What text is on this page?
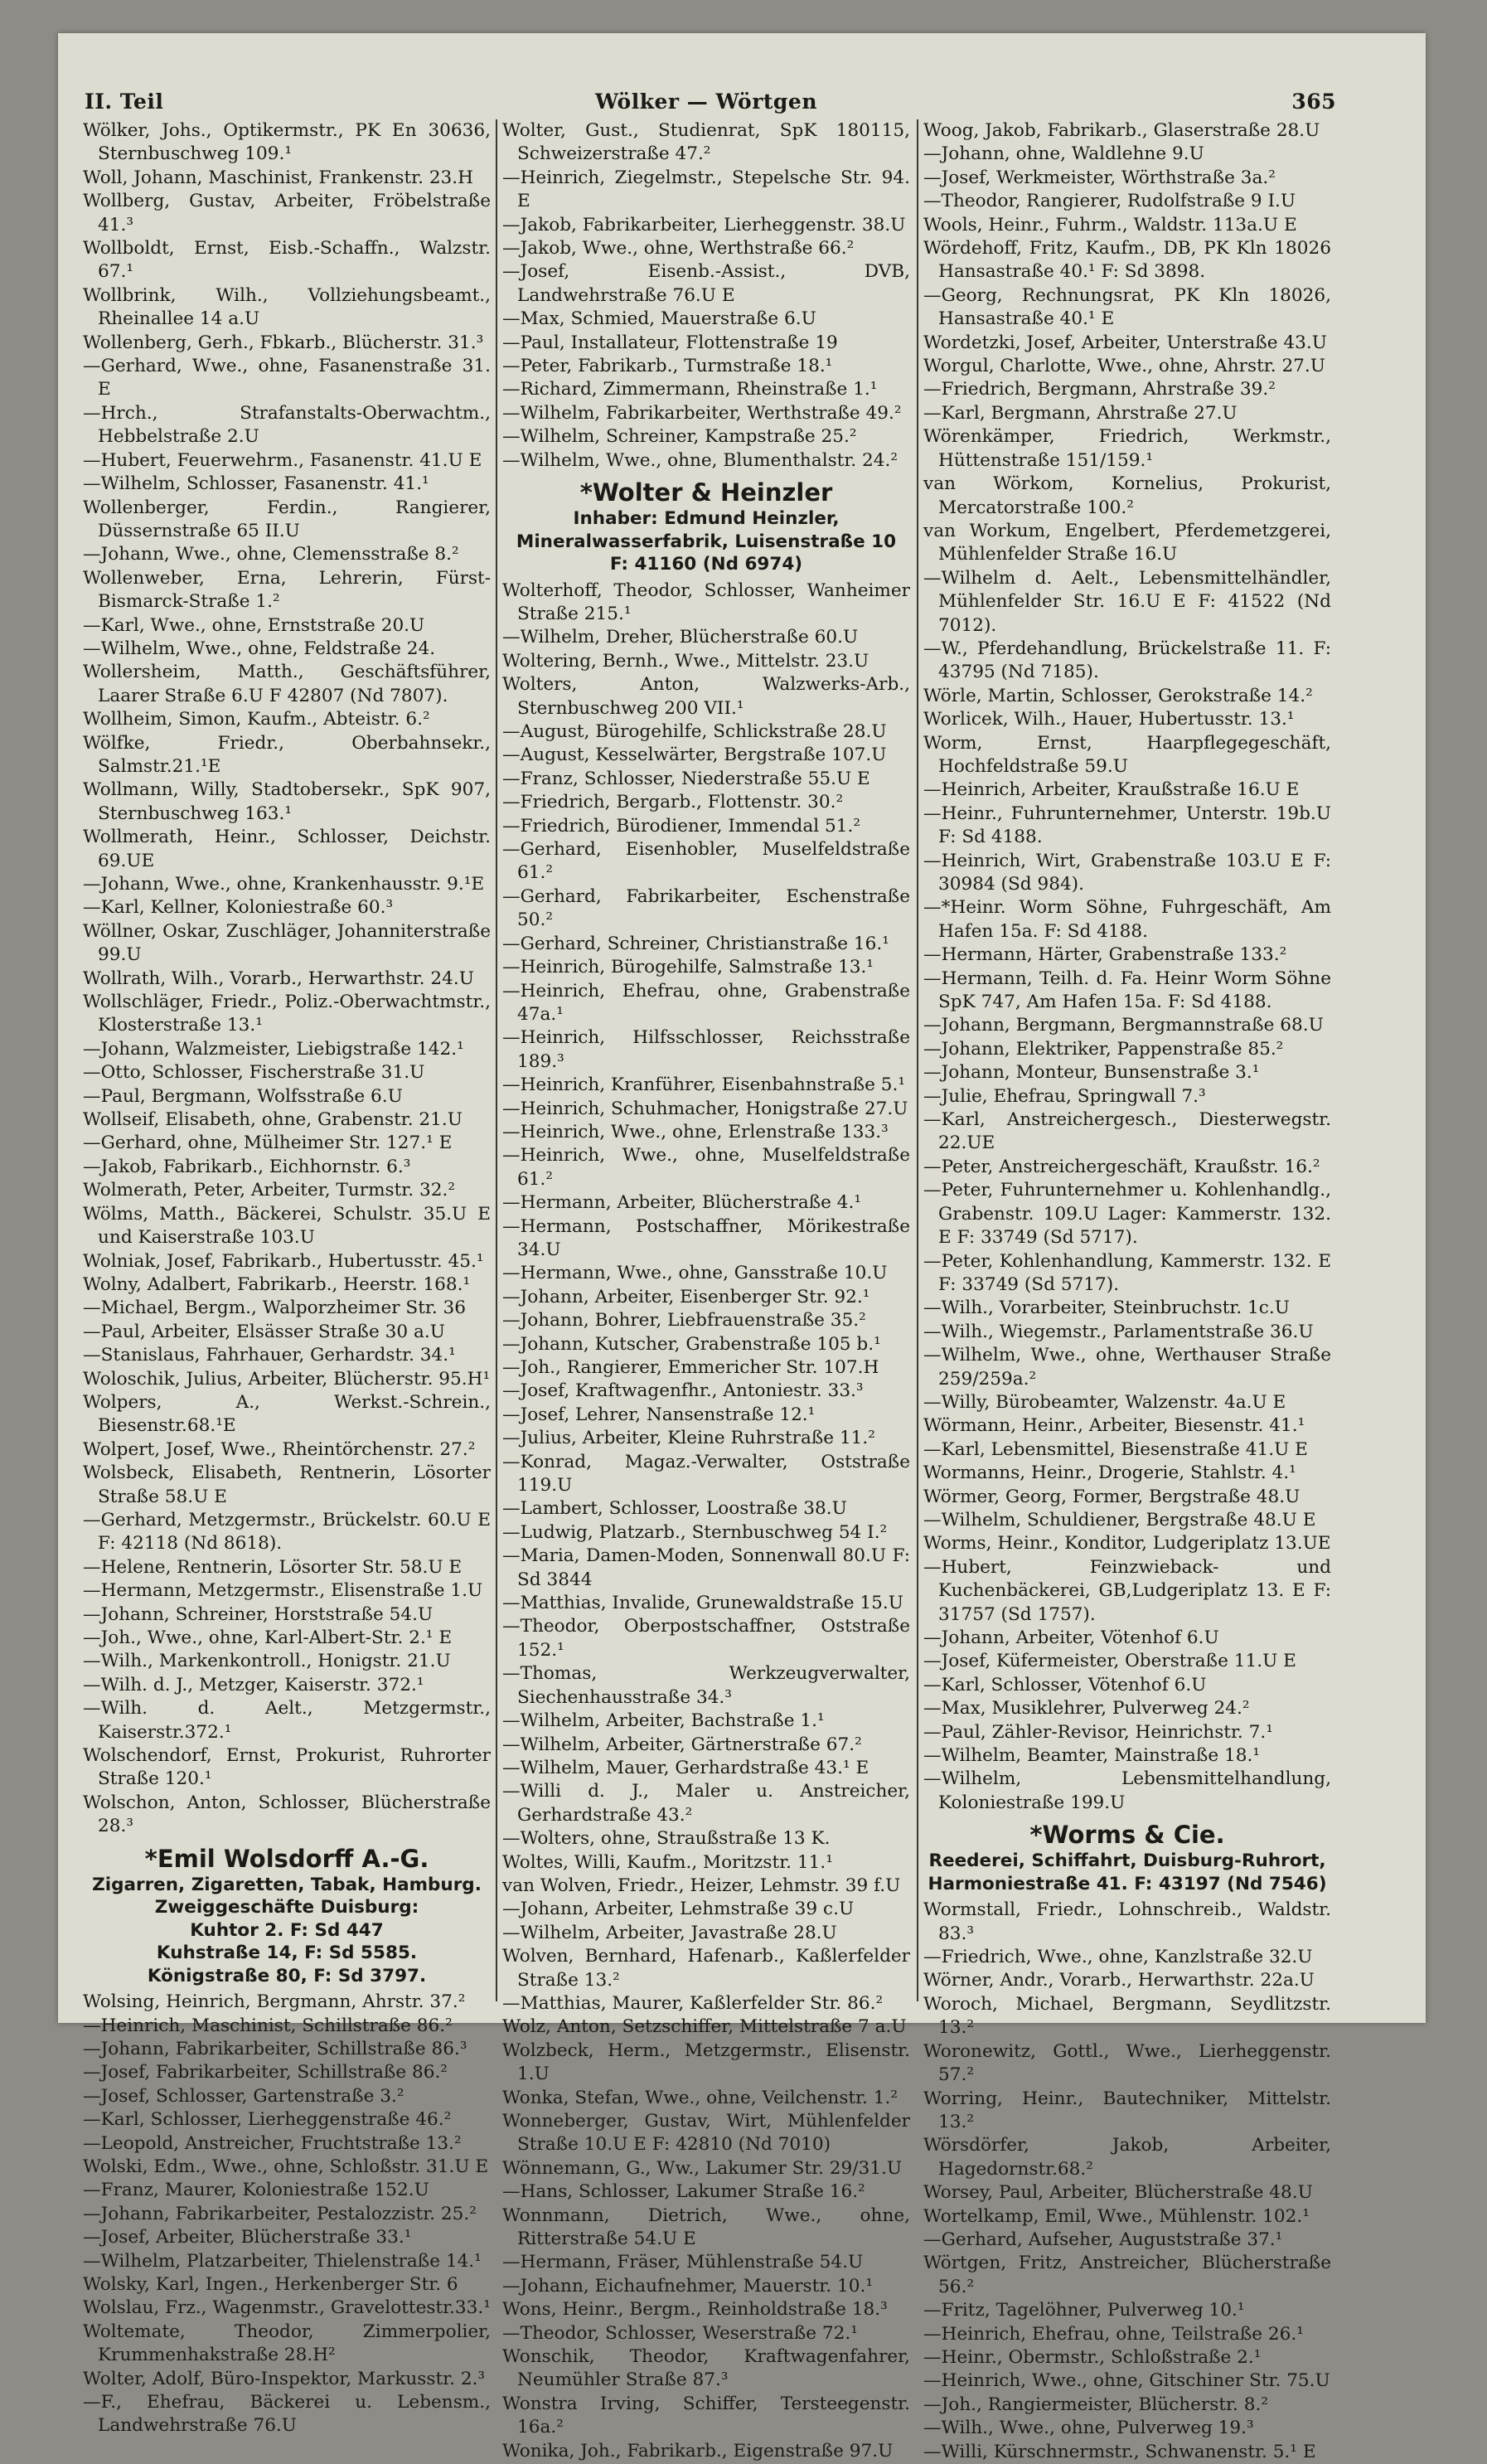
II. Teil	Wölker — Wörtgen	365
Wölker, Johs., Optikermstr., PK En 30636, Sternbuschweg 109.¹
Woll, Johann, Maschinist, Frankenstr. 23.H
Wollberg, Gustav, Arbeiter, Fröbelstraße 41.³
Wollboldt, Ernst, Eisb.-Schaffn., Walzstr. 67.¹
Wollbrink, Wilh., Vollziehungsbeamt., Rheinallee 14 a.U
Wollenberg, Gerh., Fbkarb., Blücherstr. 31.³
—Gerhard, Wwe., ohne, Fasanenstraße 31. E
—Hrch., Strafanstalts-Oberwachtm., Hebbelstraße 2.U
—Hubert, Feuerwehrm., Fasanenstr. 41.U E
—Wilhelm, Schlosser, Fasanenstr. 41.¹
Wollenberger, Ferdin., Rangierer, Düssernstraße 65 II.U
—Johann, Wwe., ohne, Clemensstraße 8.²
Wollenweber, Erna, Lehrerin, Fürst-Bismarck-Straße 1.²
—Karl, Wwe., ohne, Ernststraße 20.U
—Wilhelm, Wwe., ohne, Feldstraße 24.
Wollersheim, Matth., Geschäftsführer, Laarer Straße 6.U F 42807 (Nd 7807).
Wollheim, Simon, Kaufm., Abteistr. 6.²
Wölfke, Friedr., Oberbahnsekr., Salmstr.21.¹E
Wollmann, Willy, Stadtobersekr., SpK 907, Sternbuschweg 163.¹
Wollmerath, Heinr., Schlosser, Deichstr. 69.UE
—Johann, Wwe., ohne, Krankenhausstr. 9.¹E
—Karl, Kellner, Koloniestraße 60.³
Wöllner, Oskar, Zuschläger, Johanniterstraße 99.U
Wollrath, Wilh., Vorarb., Herwarthstr. 24.U
Wollschläger, Friedr., Poliz.-Oberwachtmstr., Klosterstraße 13.¹
—Johann, Walzmeister, Liebigstraße 142.¹
—Otto, Schlosser, Fischerstraße 31.U
—Paul, Bergmann, Wolfsstraße 6.U
Wollseif, Elisabeth, ohne, Grabenstr. 21.U
—Gerhard, ohne, Mülheimer Str. 127.¹ E
—Jakob, Fabrikarb., Eichhornstr. 6.³
Wolmerath, Peter, Arbeiter, Turmstr. 32.²
Wölms, Matth., Bäckerei, Schulstr. 35.U E und Kaiserstraße 103.U
Wolniak, Josef, Fabrikarb., Hubertusstr. 45.¹
Wolny, Adalbert, Fabrikarb., Heerstr. 168.¹
—Michael, Bergm., Walporzheimer Str. 36
—Paul, Arbeiter, Elsässer Straße 30 a.U
—Stanislaus, Fahrhauer, Gerhardstr. 34.¹
Woloschik, Julius, Arbeiter, Blücherstr. 95.H¹
Wolpers, A., Werkst.-Schrein., Biesenstr.68.¹E
Wolpert, Josef, Wwe., Rheintörchenstr. 27.²
Wolsbeck, Elisabeth, Rentnerin, Lösorter Straße 58.U E
—Gerhard, Metzgermstr., Brückelstr. 60.U E F: 42118 (Nd 8618).
—Helene, Rentnerin, Lösorter Str. 58.U E
—Hermann, Metzgermstr., Elisenstraße 1.U
—Johann, Schreiner, Horststraße 54.U
—Joh., Wwe., ohne, Karl-Albert-Str. 2.¹ E
—Wilh., Markenkontroll., Honigstr. 21.U
—Wilh. d. J., Metzger, Kaiserstr. 372.¹
—Wilh. d. Aelt., Metzgermstr., Kaiserstr.372.¹
Wolschendorf, Ernst, Prokurist, Ruhrorter Straße 120.¹
Wolschon, Anton, Schlosser, Blücherstraße 28.³
*Emil Wolsdorff A.-G.
Zigarren, Zigaretten, Tabak, Hamburg.
Zweiggeschäfte Duisburg:
Kuhtor 2. F: Sd 447
Kuhstraße 14, F: Sd 5585.
Königstraße 80, F: Sd 3797.
Wolsing, Heinrich, Bergmann, Ahrstr. 37.²
—Heinrich, Maschinist, Schillstraße 86.²
—Johann, Fabrikarbeiter, Schillstraße 86.³
—Josef, Fabrikarbeiter, Schillstraße 86.²
—Josef, Schlosser, Gartenstraße 3.²
—Karl, Schlosser, Lierheggenstraße 46.²
—Leopold, Anstreicher, Fruchtstraße 13.²
Wolski, Edm., Wwe., ohne, Schloßstr. 31.U E
—Franz, Maurer, Koloniestraße 152.U
—Johann, Fabrikarbeiter, Pestalozzistr. 25.²
—Josef, Arbeiter, Blücherstraße 33.¹
—Wilhelm, Platzarbeiter, Thielenstraße 14.¹
Wolsky, Karl, Ingen., Herkenberger Str. 6
Wolslau, Frz., Wagenmstr., Gravelottestr.33.¹
Woltemate, Theodor, Zimmerpolier, Krummenhakstraße 28.H²
Wolter, Adolf, Büro-Inspektor, Markusstr. 2.³
—F., Ehefrau, Bäckerei u. Lebensm., Landwehrstraße 76.U
Wolter, Gust., Studienrat, SpK 180115, Schweizerstraße 47.²
—Heinrich, Ziegelmstr., Stepelsche Str. 94. E
—Jakob, Fabrikarbeiter, Lierheggenstr. 38.U
—Jakob, Wwe., ohne, Werthstraße 66.²
—Josef, Eisenb.-Assist., DVB, Landwehrstraße 76.U E
—Max, Schmied, Mauerstraße 6.U
—Paul, Installateur, Flottenstraße 19
—Peter, Fabrikarb., Turmstraße 18.¹
—Richard, Zimmermann, Rheinstraße 1.¹
—Wilhelm, Fabrikarbeiter, Werthstraße 49.²
—Wilhelm, Schreiner, Kampstraße 25.²
—Wilhelm, Wwe., ohne, Blumenthalstr. 24.²
*Wolter & Heinzler
Inhaber: Edmund Heinzler,
Mineralwasserfabrik, Luisenstraße 10
F: 41160 (Nd 6974)
Wolterhoff, Theodor, Schlosser, Wanheimer Straße 215.¹
—Wilhelm, Dreher, Blücherstraße 60.U
Woltering, Bernh., Wwe., Mittelstr. 23.U
Wolters, Anton, Walzwerks-Arb., Sternbuschweg 200 VII.¹
—August, Bürogehilfe, Schlickstraße 28.U
—August, Kesselwärter, Bergstraße 107.U
—Franz, Schlosser, Niederstraße 55.U E
—Friedrich, Bergarb., Flottenstr. 30.²
—Friedrich, Bürodiener, Immendal 51.²
—Gerhard, Eisenhobler, Muselfeldstraße 61.²
—Gerhard, Fabrikarbeiter, Eschenstraße 50.²
—Gerhard, Schreiner, Christianstraße 16.¹
—Heinrich, Bürogehilfe, Salmstraße 13.¹
—Heinrich, Ehefrau, ohne, Grabenstraße 47a.¹
—Heinrich, Hilfsschlosser, Reichsstraße 189.³
—Heinrich, Kranführer, Eisenbahnstraße 5.¹
—Heinrich, Schuhmacher, Honigstraße 27.U
—Heinrich, Wwe., ohne, Erlenstraße 133.³
—Heinrich, Wwe., ohne, Muselfeldstraße 61.²
—Hermann, Arbeiter, Blücherstraße 4.¹
—Hermann, Postschaffner, Mörikestraße 34.U
—Hermann, Wwe., ohne, Gansstraße 10.U
—Johann, Arbeiter, Eisenberger Str. 92.¹
—Johann, Bohrer, Liebfrauenstraße 35.²
—Johann, Kutscher, Grabenstraße 105 b.¹
—Joh., Rangierer, Emmericher Str. 107.H
—Josef, Kraftwagenfhr., Antoniestr. 33.³
—Josef, Lehrer, Nansenstraße 12.¹
—Julius, Arbeiter, Kleine Ruhrstraße 11.²
—Konrad, Magaz.-Verwalter, Oststraße 119.U
—Lambert, Schlosser, Loostraße 38.U
—Ludwig, Platzarb., Sternbuschweg 54 I.²
—Maria, Damen-Moden, Sonnenwall 80.U F: Sd 3844
—Matthias, Invalide, Grunewaldstraße 15.U
—Theodor, Oberpostschaffner, Oststraße 152.¹
—Thomas, Werkzeugverwalter, Siechenhausstraße 34.³
—Wilhelm, Arbeiter, Bachstraße 1.¹
—Wilhelm, Arbeiter, Gärtnerstraße 67.²
—Wilhelm, Mauer, Gerhardstraße 43.¹ E
—Willi d. J., Maler u. Anstreicher, Gerhardstraße 43.²
—Wolters, ohne, Straußstraße 13 K.
Woltes, Willi, Kaufm., Moritzstr. 11.¹
van Wolven, Friedr., Heizer, Lehmstr. 39 f.U
—Johann, Arbeiter, Lehmstraße 39 c.U
—Wilhelm, Arbeiter, Javastraße 28.U
Wolven, Bernhard, Hafenarb., Kaßlerfelder Straße 13.²
—Matthias, Maurer, Kaßlerfelder Str. 86.²
Wolz, Anton, Setzschiffer, Mittelstraße 7 a.U
Wolzbeck, Herm., Metzgermstr., Elisenstr. 1.U
Wonka, Stefan, Wwe., ohne, Veilchenstr. 1.²
Wonneberger, Gustav, Wirt, Mühlenfelder Straße 10.U E F: 42810 (Nd 7010)
Wönnemann, G., Ww., Lakumer Str. 29/31.U
—Hans, Schlosser, Lakumer Straße 16.²
Wonnmann, Dietrich, Wwe., ohne, Ritterstraße 54.U E
—Hermann, Fräser, Mühlenstraße 54.U
—Johann, Eichaufnehmer, Mauerstr. 10.¹
Wons, Heinr., Bergm., Reinholdstraße 18.³
—Theodor, Schlosser, Weserstraße 72.¹
Wonschik, Theodor, Kraftwagenfahrer, Neumühler Straße 87.³
Wonstra Irving, Schiffer, Tersteegenstr. 16a.²
Wonika, Joh., Fabrikarb., Eigenstraße 97.U
Woog, Jakob, Fabrikarb., Glaserstraße 28.U
—Johann, ohne, Waldlehne 9.U
—Josef, Werkmeister, Wörthstraße 3a.²
—Theodor, Rangierer, Rudolfstraße 9 I.U
Wools, Heinr., Fuhrm., Waldstr. 113a.U E
Wördehoff, Fritz, Kaufm., DB, PK Kln 18026 Hansastraße 40.¹ F: Sd 3898.
—Georg, Rechnungsrat, PK Kln 18026, Hansastraße 40.¹ E
Wordetzki, Josef, Arbeiter, Unterstraße 43.U
Worgul, Charlotte, Wwe., ohne, Ahrstr. 27.U
—Friedrich, Bergmann, Ahrstraße 39.²
—Karl, Bergmann, Ahrstraße 27.U
Wörenkämper, Friedrich, Werkmstr., Hüttenstraße 151/159.¹
van Wörkom, Kornelius, Prokurist, Mercatorstraße 100.²
van Workum, Engelbert, Pferdemetzgerei, Mühlenfelder Straße 16.U
—Wilhelm d. Aelt., Lebensmittelhändler, Mühlenfelder Str. 16.U E F: 41522 (Nd 7012).
—W., Pferdehandlung, Brückelstraße 11. F: 43795 (Nd 7185).
Wörle, Martin, Schlosser, Gerokstraße 14.²
Worlicek, Wilh., Hauer, Hubertusstr. 13.¹
Worm, Ernst, Haarpflegegeschäft, Hochfeldstraße 59.U
—Heinrich, Arbeiter, Kraußstraße 16.U E
—Heinr., Fuhrunternehmer, Unterstr. 19b.U F: Sd 4188.
—Heinrich, Wirt, Grabenstraße 103.U E F: 30984 (Sd 984).
—*Heinr. Worm Söhne, Fuhrgeschäft, Am Hafen 15a. F: Sd 4188.
—Hermann, Härter, Grabenstraße 133.²
—Hermann, Teilh. d. Fa. Heinr Worm Söhne SpK 747, Am Hafen 15a. F: Sd 4188.
—Johann, Bergmann, Bergmannstraße 68.U
—Johann, Elektriker, Pappenstraße 85.²
—Johann, Monteur, Bunsenstraße 3.¹
—Julie, Ehefrau, Springwall 7.³
—Karl, Anstreichergesch., Diesterwegstr. 22.UE
—Peter, Anstreichergeschäft, Kraußstr. 16.²
—Peter, Fuhrunternehmer u. Kohlenhandlg., Grabenstr. 109.U Lager: Kammerstr. 132. E F: 33749 (Sd 5717).
—Peter, Kohlenhandlung, Kammerstr. 132. E F: 33749 (Sd 5717).
—Wilh., Vorarbeiter, Steinbruchstr. 1c.U
—Wilh., Wiegemstr., Parlamentstraße 36.U
—Wilhelm, Wwe., ohne, Werthauser Straße 259/259a.²
—Willy, Bürobeamter, Walzenstr. 4a.U E
Wörmann, Heinr., Arbeiter, Biesenstr. 41.¹
—Karl, Lebensmittel, Biesenstraße 41.U E
Wormanns, Heinr., Drogerie, Stahlstr. 4.¹
Wörmer, Georg, Former, Bergstraße 48.U
—Wilhelm, Schuldiener, Bergstraße 48.U E
Worms, Heinr., Konditor, Ludgeriplatz 13.UE
—Hubert, Feinzwieback- und Kuchenbäckerei, GB,Ludgeriplatz 13. E F: 31757 (Sd 1757).
—Johann, Arbeiter, Vötenhof 6.U
—Josef, Küfermeister, Oberstraße 11.U E
—Karl, Schlosser, Vötenhof 6.U
—Max, Musiklehrer, Pulverweg 24.²
—Paul, Zähler-Revisor, Heinrichstr. 7.¹
—Wilhelm, Beamter, Mainstraße 18.¹
—Wilhelm, Lebensmittelhandlung, Koloniestraße 199.U
*Worms & Cie.
Reederei, Schiffahrt, Duisburg-Ruhrort,
Harmoniestraße 41. F: 43197 (Nd 7546)
Wormstall, Friedr., Lohnschreib., Waldstr. 83.³
—Friedrich, Wwe., ohne, Kanzlstraße 32.U
Wörner, Andr., Vorarb., Herwarthstr. 22a.U
Woroch, Michael, Bergmann, Seydlitzstr. 13.²
Woronewitz, Gottl., Wwe., Lierheggenstr. 57.²
Worring, Heinr., Bautechniker, Mittelstr. 13.²
Wörsdörfer, Jakob, Arbeiter, Hagedornstr.68.²
Worsey, Paul, Arbeiter, Blücherstraße 48.U
Wortelkamp, Emil, Wwe., Mühlenstr. 102.¹
—Gerhard, Aufseher, Auguststraße 37.¹
Wörtgen, Fritz, Anstreicher, Blücherstraße 56.²
—Fritz, Tagelöhner, Pulverweg 10.¹
—Heinrich, Ehefrau, ohne, Teilstraße 26.¹
—Heinr., Obermstr., Schloßstraße 2.¹
—Heinrich, Wwe., ohne, Gitschiner Str. 75.U
—Joh., Rangiermeister, Blücherstr. 8.²
—Wilh., Wwe., ohne, Pulverweg 19.³
—Willi, Kürschnermstr., Schwanenstr. 5.¹ E
